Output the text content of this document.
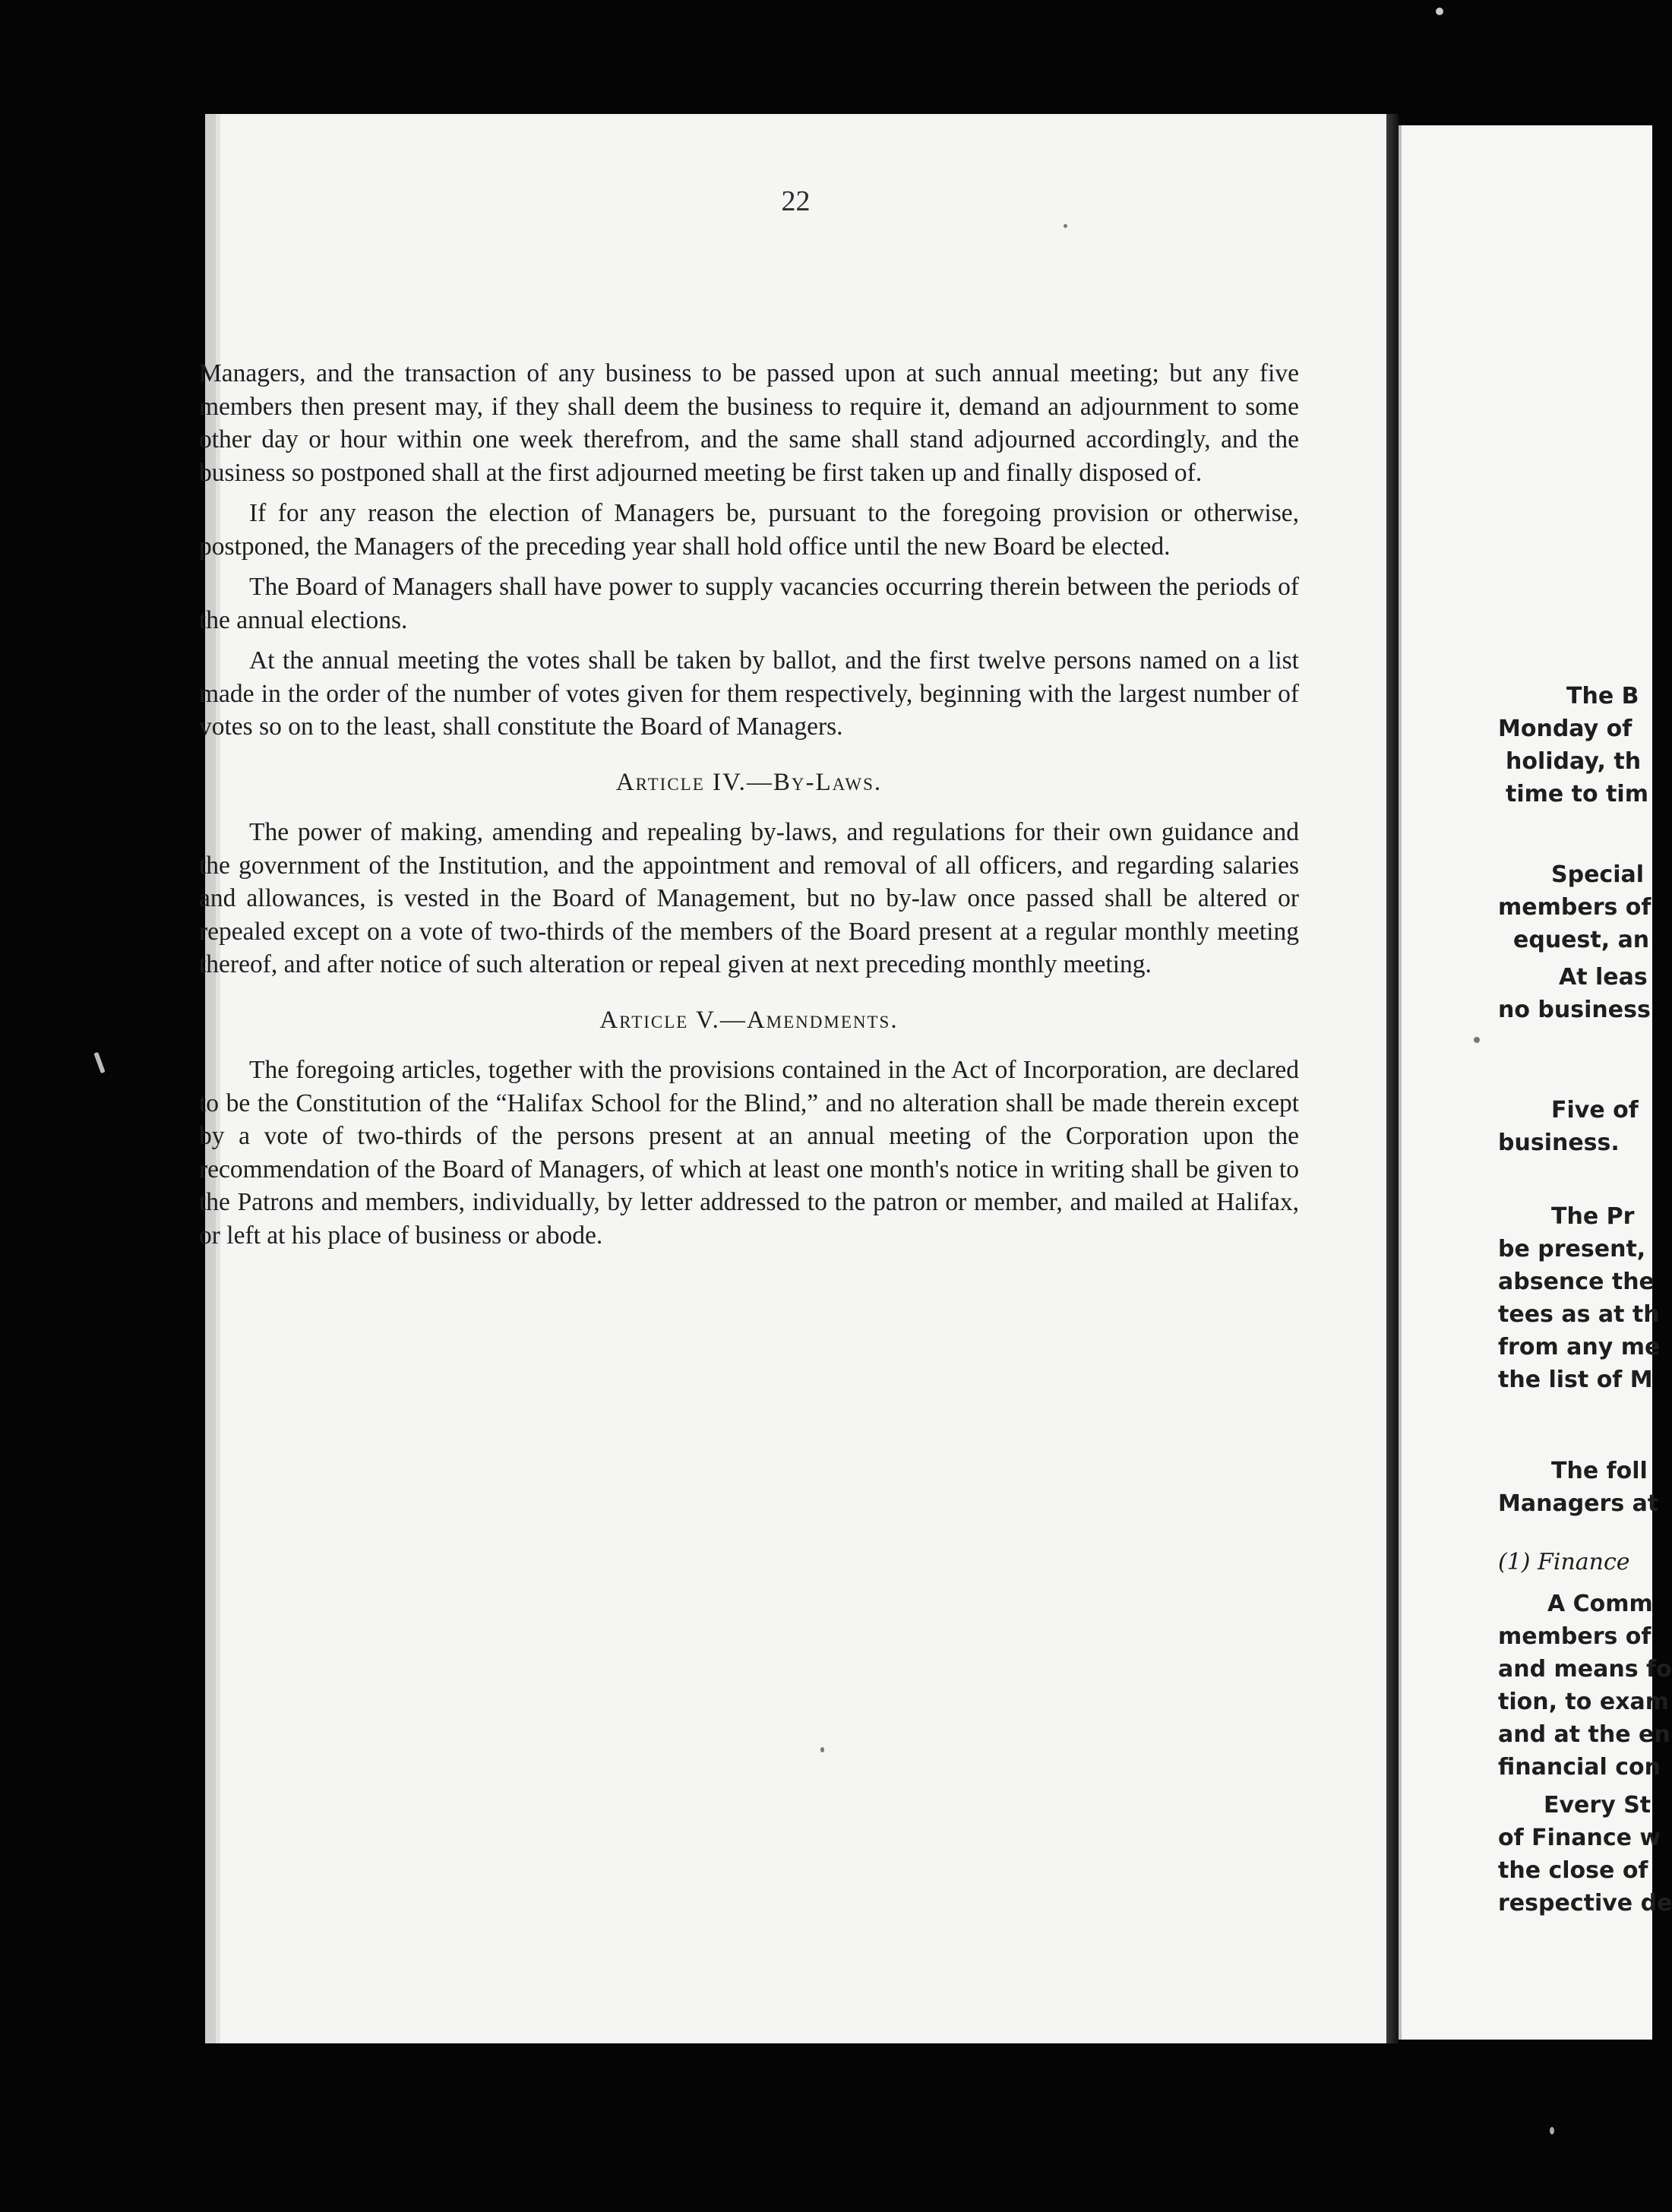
22

Managers, and the transaction of any business to be passed upon at such annual meeting; but any five members then present may, if they shall deem the business to require it, demand an adjournment to some other day or hour within one week therefrom, and the same shall stand adjourned accordingly, and the business so postponed shall at the first adjourned meeting be first taken up and finally disposed of.

If for any reason the election of Managers be, pursuant to the foregoing provision or otherwise, postponed, the Managers of the preceding year shall hold office until the new Board be elected.

The Board of Managers shall have power to supply vacancies occurring therein between the periods of the annual elections.

At the annual meeting the votes shall be taken by ballot, and the first twelve persons named on a list made in the order of the number of votes given for them respectively, beginning with the largest number of votes so on to the least, shall constitute the Board of Managers.

Article IV.—By-Laws.

The power of making, amending and repealing by-laws, and regulations for their own guidance and the government of the Institution, and the appointment and removal of all officers, and regarding salaries and allowances, is vested in the Board of Management, but no by-law once passed shall be altered or repealed except on a vote of two-thirds of the members of the Board present at a regular monthly meeting thereof, and after notice of such alteration or repeal given at next preceding monthly meeting.

Article V.—Amendments.

The foregoing articles, together with the provisions contained in the Act of Incorporation, are declared to be the Constitution of the “Halifax School for the Blind,” and no alteration shall be made therein except by a vote of two-thirds of the persons present at an annual meeting of the Corporation upon the recommendation of the Board of Managers, of which at least one month's notice in writing shall be given to the Patrons and members, individually, by letter addressed to the patron or member, and mailed at Halifax, or left at his place of business or abode.

The B
Monday of
holiday, th
time to tim
Special
members of
equest, an
At leas
no business
Five of
business.
The Pr
be present,
absence the
tees as at th
from any me
the list of M
The foll
Managers at
(1) Finance
A Comm
members of
and means fo
tion, to exam
and at the en
financial con
Every St
of Finance w
the close of
respective de
